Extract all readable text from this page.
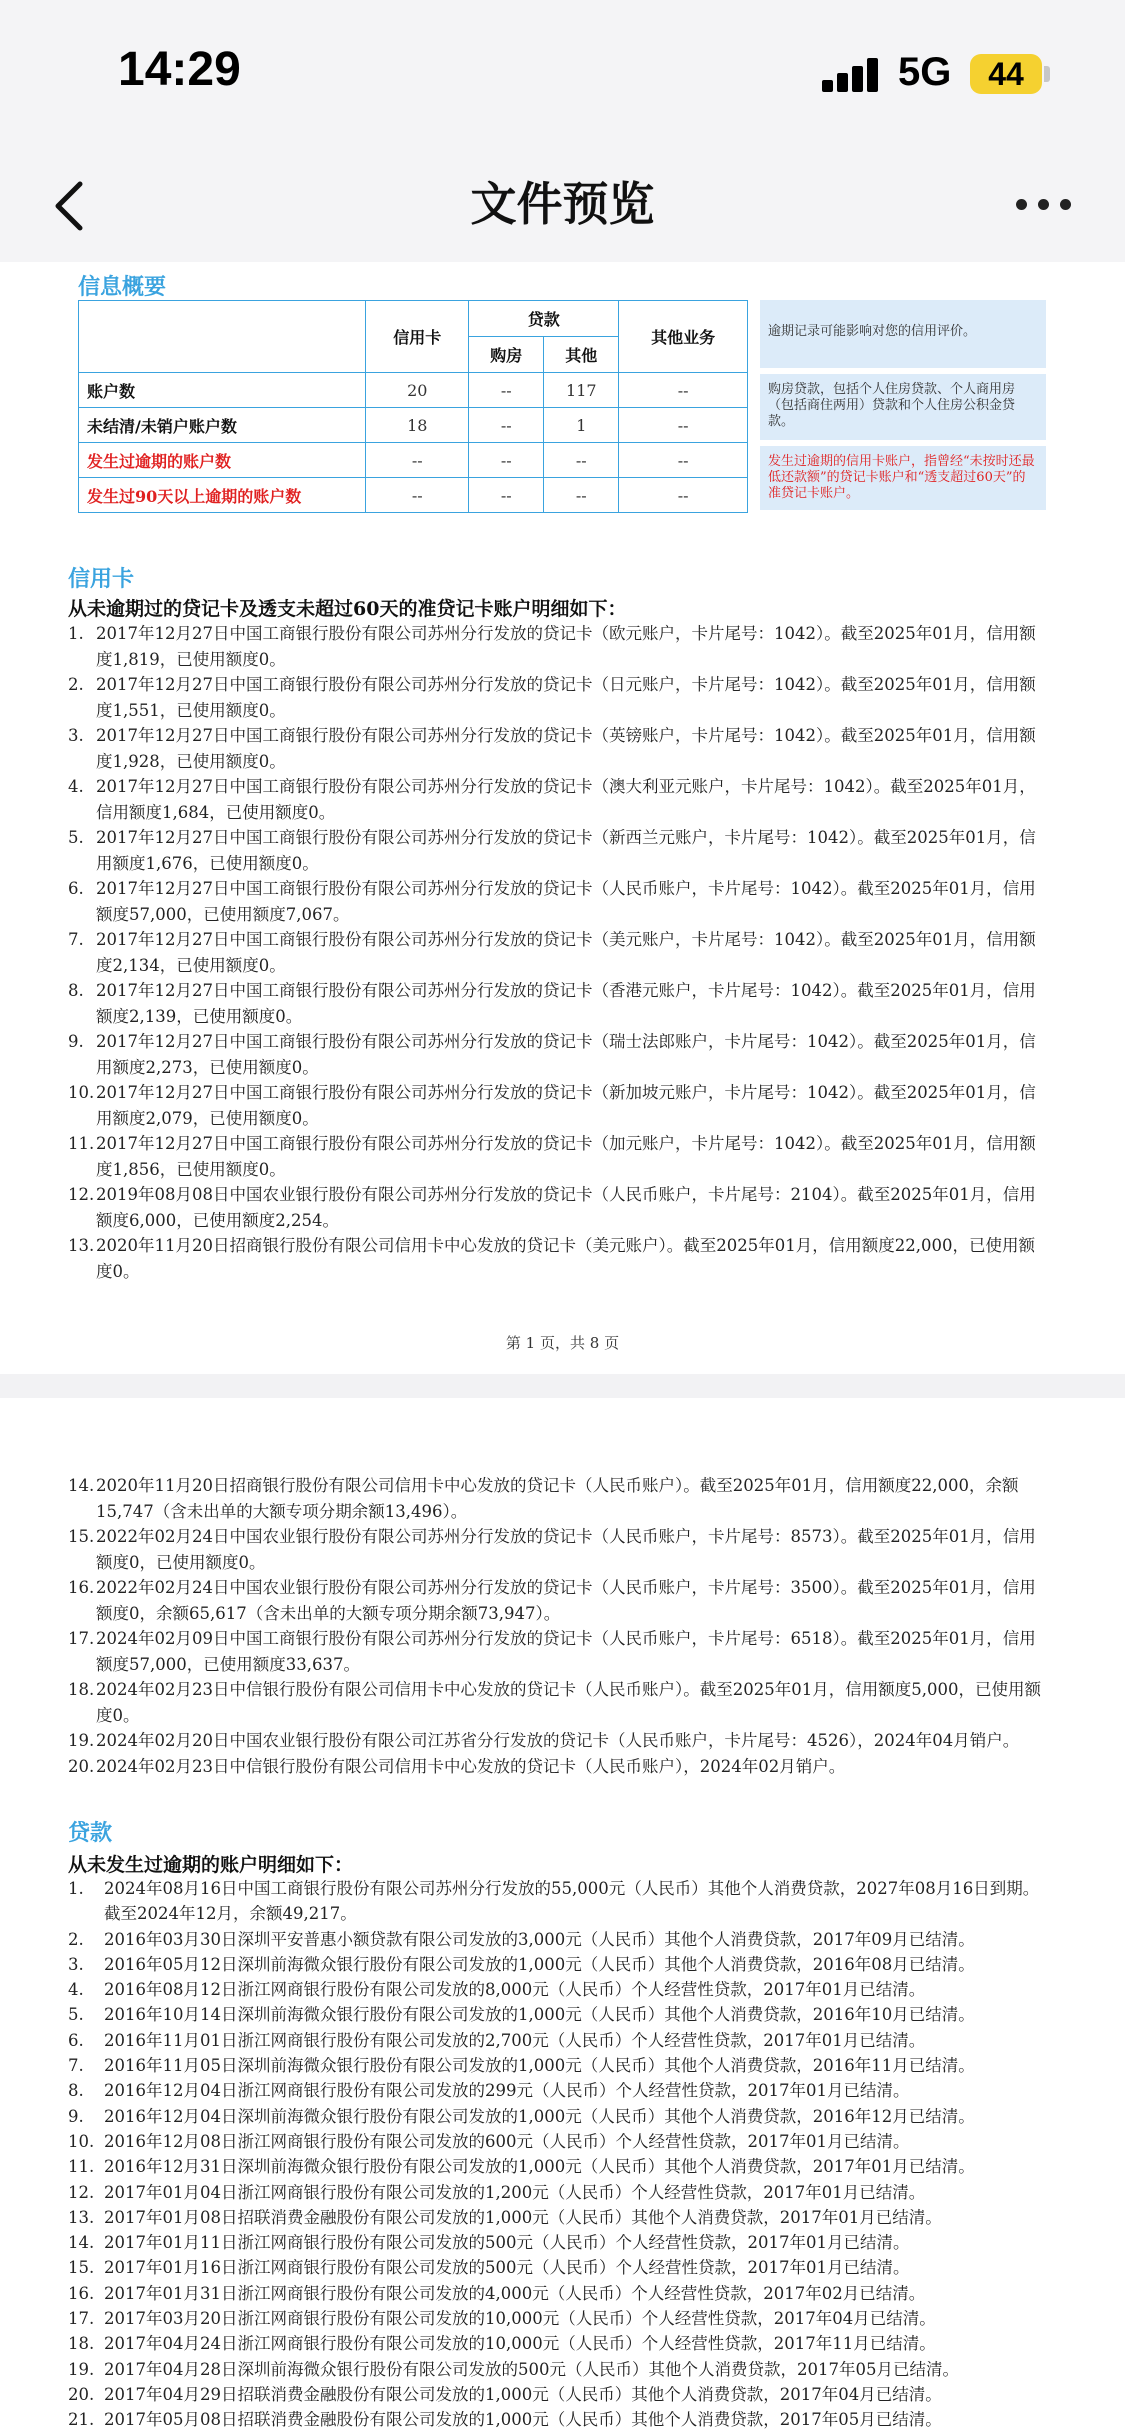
14:29	5G	44
文件预览
信息概要
	信用卡	贷款		其他业务
		购房	其他	
账户数	20	--	117	--
未结清/未销户账户数	18	--	1	--
发生过逾期的账户数	--	--	--	--
发生过90天以上逾期的账户数	--	--	--	--
逾期记录可能影响对您的信用评价。
购房贷款，包括个人住房贷款、个人商用房（包括商住两用）贷款和个人住房公积金贷款。
发生过逾期的信用卡账户，指曾经“未按时还最低还款额”的贷记卡账户和“透支超过60天”的准贷记卡账户。
信用卡
从未逾期过的贷记卡及透支未超过60天的准贷记卡账户明细如下：
1. 2017年12月27日中国工商银行股份有限公司苏州分行发放的贷记卡（欧元账户，卡片尾号：1042）。截至2025年01月，信用额度1,819，已使用额度0。
2. 2017年12月27日中国工商银行股份有限公司苏州分行发放的贷记卡（日元账户，卡片尾号：1042）。截至2025年01月，信用额度1,551，已使用额度0。
3. 2017年12月27日中国工商银行股份有限公司苏州分行发放的贷记卡（英镑账户，卡片尾号：1042）。截至2025年01月，信用额度1,928，已使用额度0。
4. 2017年12月27日中国工商银行股份有限公司苏州分行发放的贷记卡（澳大利亚元账户，卡片尾号：1042）。截至2025年01月，信用额度1,684，已使用额度0。
5. 2017年12月27日中国工商银行股份有限公司苏州分行发放的贷记卡（新西兰元账户，卡片尾号：1042）。截至2025年01月，信用额度1,676，已使用额度0。
6. 2017年12月27日中国工商银行股份有限公司苏州分行发放的贷记卡（人民币账户，卡片尾号：1042）。截至2025年01月，信用额度57,000，已使用额度7,067。
7. 2017年12月27日中国工商银行股份有限公司苏州分行发放的贷记卡（美元账户，卡片尾号：1042）。截至2025年01月，信用额度2,134，已使用额度0。
8. 2017年12月27日中国工商银行股份有限公司苏州分行发放的贷记卡（香港元账户，卡片尾号：1042）。截至2025年01月，信用额度2,139，已使用额度0。
9. 2017年12月27日中国工商银行股份有限公司苏州分行发放的贷记卡（瑞士法郎账户，卡片尾号：1042）。截至2025年01月，信用额度2,273，已使用额度0。
10. 2017年12月27日中国工商银行股份有限公司苏州分行发放的贷记卡（新加坡元账户，卡片尾号：1042）。截至2025年01月，信用额度2,079，已使用额度0。
11. 2017年12月27日中国工商银行股份有限公司苏州分行发放的贷记卡（加元账户，卡片尾号：1042）。截至2025年01月，信用额度1,856，已使用额度0。
12. 2019年08月08日中国农业银行股份有限公司苏州分行发放的贷记卡（人民币账户，卡片尾号：2104）。截至2025年01月，信用额度6,000，已使用额度2,254。
13. 2020年11月20日招商银行股份有限公司信用卡中心发放的贷记卡（美元账户）。截至2025年01月，信用额度22,000，已使用额度0。
第 1 页，共 8 页
14. 2020年11月20日招商银行股份有限公司信用卡中心发放的贷记卡（人民币账户）。截至2025年01月，信用额度22,000，余额15,747（含未出单的大额专项分期余额13,496）。
15. 2022年02月24日中国农业银行股份有限公司苏州分行发放的贷记卡（人民币账户，卡片尾号：8573）。截至2025年01月，信用额度0，已使用额度0。
16. 2022年02月24日中国农业银行股份有限公司苏州分行发放的贷记卡（人民币账户，卡片尾号：3500）。截至2025年01月，信用额度0，余额65,617（含未出单的大额专项分期余额73,947）。
17. 2024年02月09日中国工商银行股份有限公司苏州分行发放的贷记卡（人民币账户，卡片尾号：6518）。截至2025年01月，信用额度57,000，已使用额度33,637。
18. 2024年02月23日中信银行股份有限公司信用卡中心发放的贷记卡（人民币账户）。截至2025年01月，信用额度5,000，已使用额度0。
19. 2024年02月20日中国农业银行股份有限公司江苏省分行发放的贷记卡（人民币账户，卡片尾号：4526），2024年04月销户。
20. 2024年02月23日中信银行股份有限公司信用卡中心发放的贷记卡（人民币账户），2024年02月销户。
贷款
从未发生过逾期的账户明细如下：
1. 2024年08月16日中国工商银行股份有限公司苏州分行发放的55,000元（人民币）其他个人消费贷款，2027年08月16日到期。截至2024年12月，余额49,217。
2. 2016年03月30日深圳平安普惠小额贷款有限公司发放的3,000元（人民币）其他个人消费贷款，2017年09月已结清。
3. 2016年05月12日深圳前海微众银行股份有限公司发放的1,000元（人民币）其他个人消费贷款，2016年08月已结清。
4. 2016年08月12日浙江网商银行股份有限公司发放的8,000元（人民币）个人经营性贷款，2017年01月已结清。
5. 2016年10月14日深圳前海微众银行股份有限公司发放的1,000元（人民币）其他个人消费贷款，2016年10月已结清。
6. 2016年11月01日浙江网商银行股份有限公司发放的2,700元（人民币）个人经营性贷款，2017年01月已结清。
7. 2016年11月05日深圳前海微众银行股份有限公司发放的1,000元（人民币）其他个人消费贷款，2016年11月已结清。
8. 2016年12月04日浙江网商银行股份有限公司发放的299元（人民币）个人经营性贷款，2017年01月已结清。
9. 2016年12月04日深圳前海微众银行股份有限公司发放的1,000元（人民币）其他个人消费贷款，2016年12月已结清。
10. 2016年12月08日浙江网商银行股份有限公司发放的600元（人民币）个人经营性贷款，2017年01月已结清。
11. 2016年12月31日深圳前海微众银行股份有限公司发放的1,000元（人民币）其他个人消费贷款，2017年01月已结清。
12. 2017年01月04日浙江网商银行股份有限公司发放的1,200元（人民币）个人经营性贷款，2017年01月已结清。
13. 2017年01月08日招联消费金融股份有限公司发放的1,000元（人民币）其他个人消费贷款，2017年01月已结清。
14. 2017年01月11日浙江网商银行股份有限公司发放的500元（人民币）个人经营性贷款，2017年01月已结清。
15. 2017年01月16日浙江网商银行股份有限公司发放的500元（人民币）个人经营性贷款，2017年01月已结清。
16. 2017年01月31日浙江网商银行股份有限公司发放的4,000元（人民币）个人经营性贷款，2017年02月已结清。
17. 2017年03月20日浙江网商银行股份有限公司发放的10,000元（人民币）个人经营性贷款，2017年04月已结清。
18. 2017年04月24日浙江网商银行股份有限公司发放的10,000元（人民币）个人经营性贷款，2017年11月已结清。
19. 2017年04月28日深圳前海微众银行股份有限公司发放的500元（人民币）其他个人消费贷款，2017年05月已结清。
20. 2017年04月29日招联消费金融股份有限公司发放的1,000元（人民币）其他个人消费贷款，2017年04月已结清。
21. 2017年05月08日招联消费金融股份有限公司发放的1,000元（人民币）其他个人消费贷款，2017年05月已结清。
